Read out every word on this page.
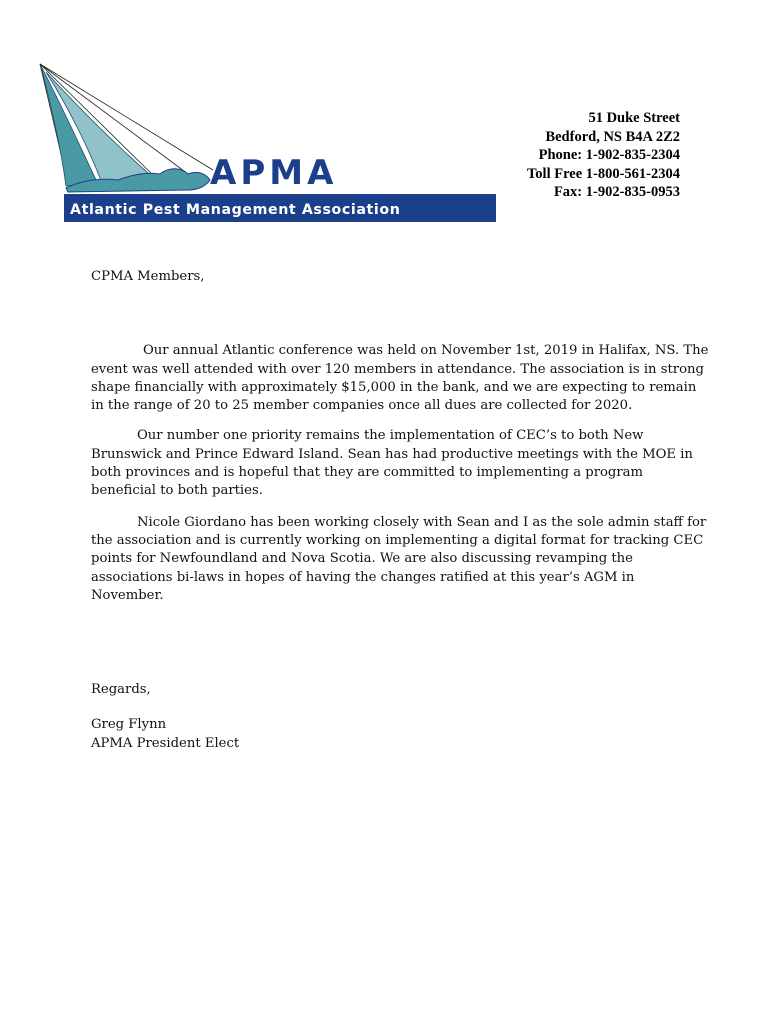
APMA
Atlantic Pest Management Association
51 Duke Street
Bedford, NS B4A 2Z2
Phone: 1-902-835-2304
Toll Free 1-800-561-2304
Fax: 1-902-835-0953

CPMA Members,

Our annual Atlantic conference was held on November 1st, 2019 in Halifax, NS. The
event was well attended with over 120 members in attendance. The association is in strong
shape financially with approximately $15,000 in the bank, and we are expecting to remain
in the range of 20 to 25 member companies once all dues are collected for 2020.

Our number one priority remains the implementation of CEC’s to both New
Brunswick and Prince Edward Island. Sean has had productive meetings with the MOE in
both provinces and is hopeful that they are committed to implementing a program
beneficial to both parties.

Nicole Giordano has been working closely with Sean and I as the sole admin staff for
the association and is currently working on implementing a digital format for tracking CEC
points for Newfoundland and Nova Scotia. We are also discussing revamping the
associations bi-laws in hopes of having the changes ratified at this year’s AGM in
November.

Regards,

Greg Flynn

APMA President Elect
